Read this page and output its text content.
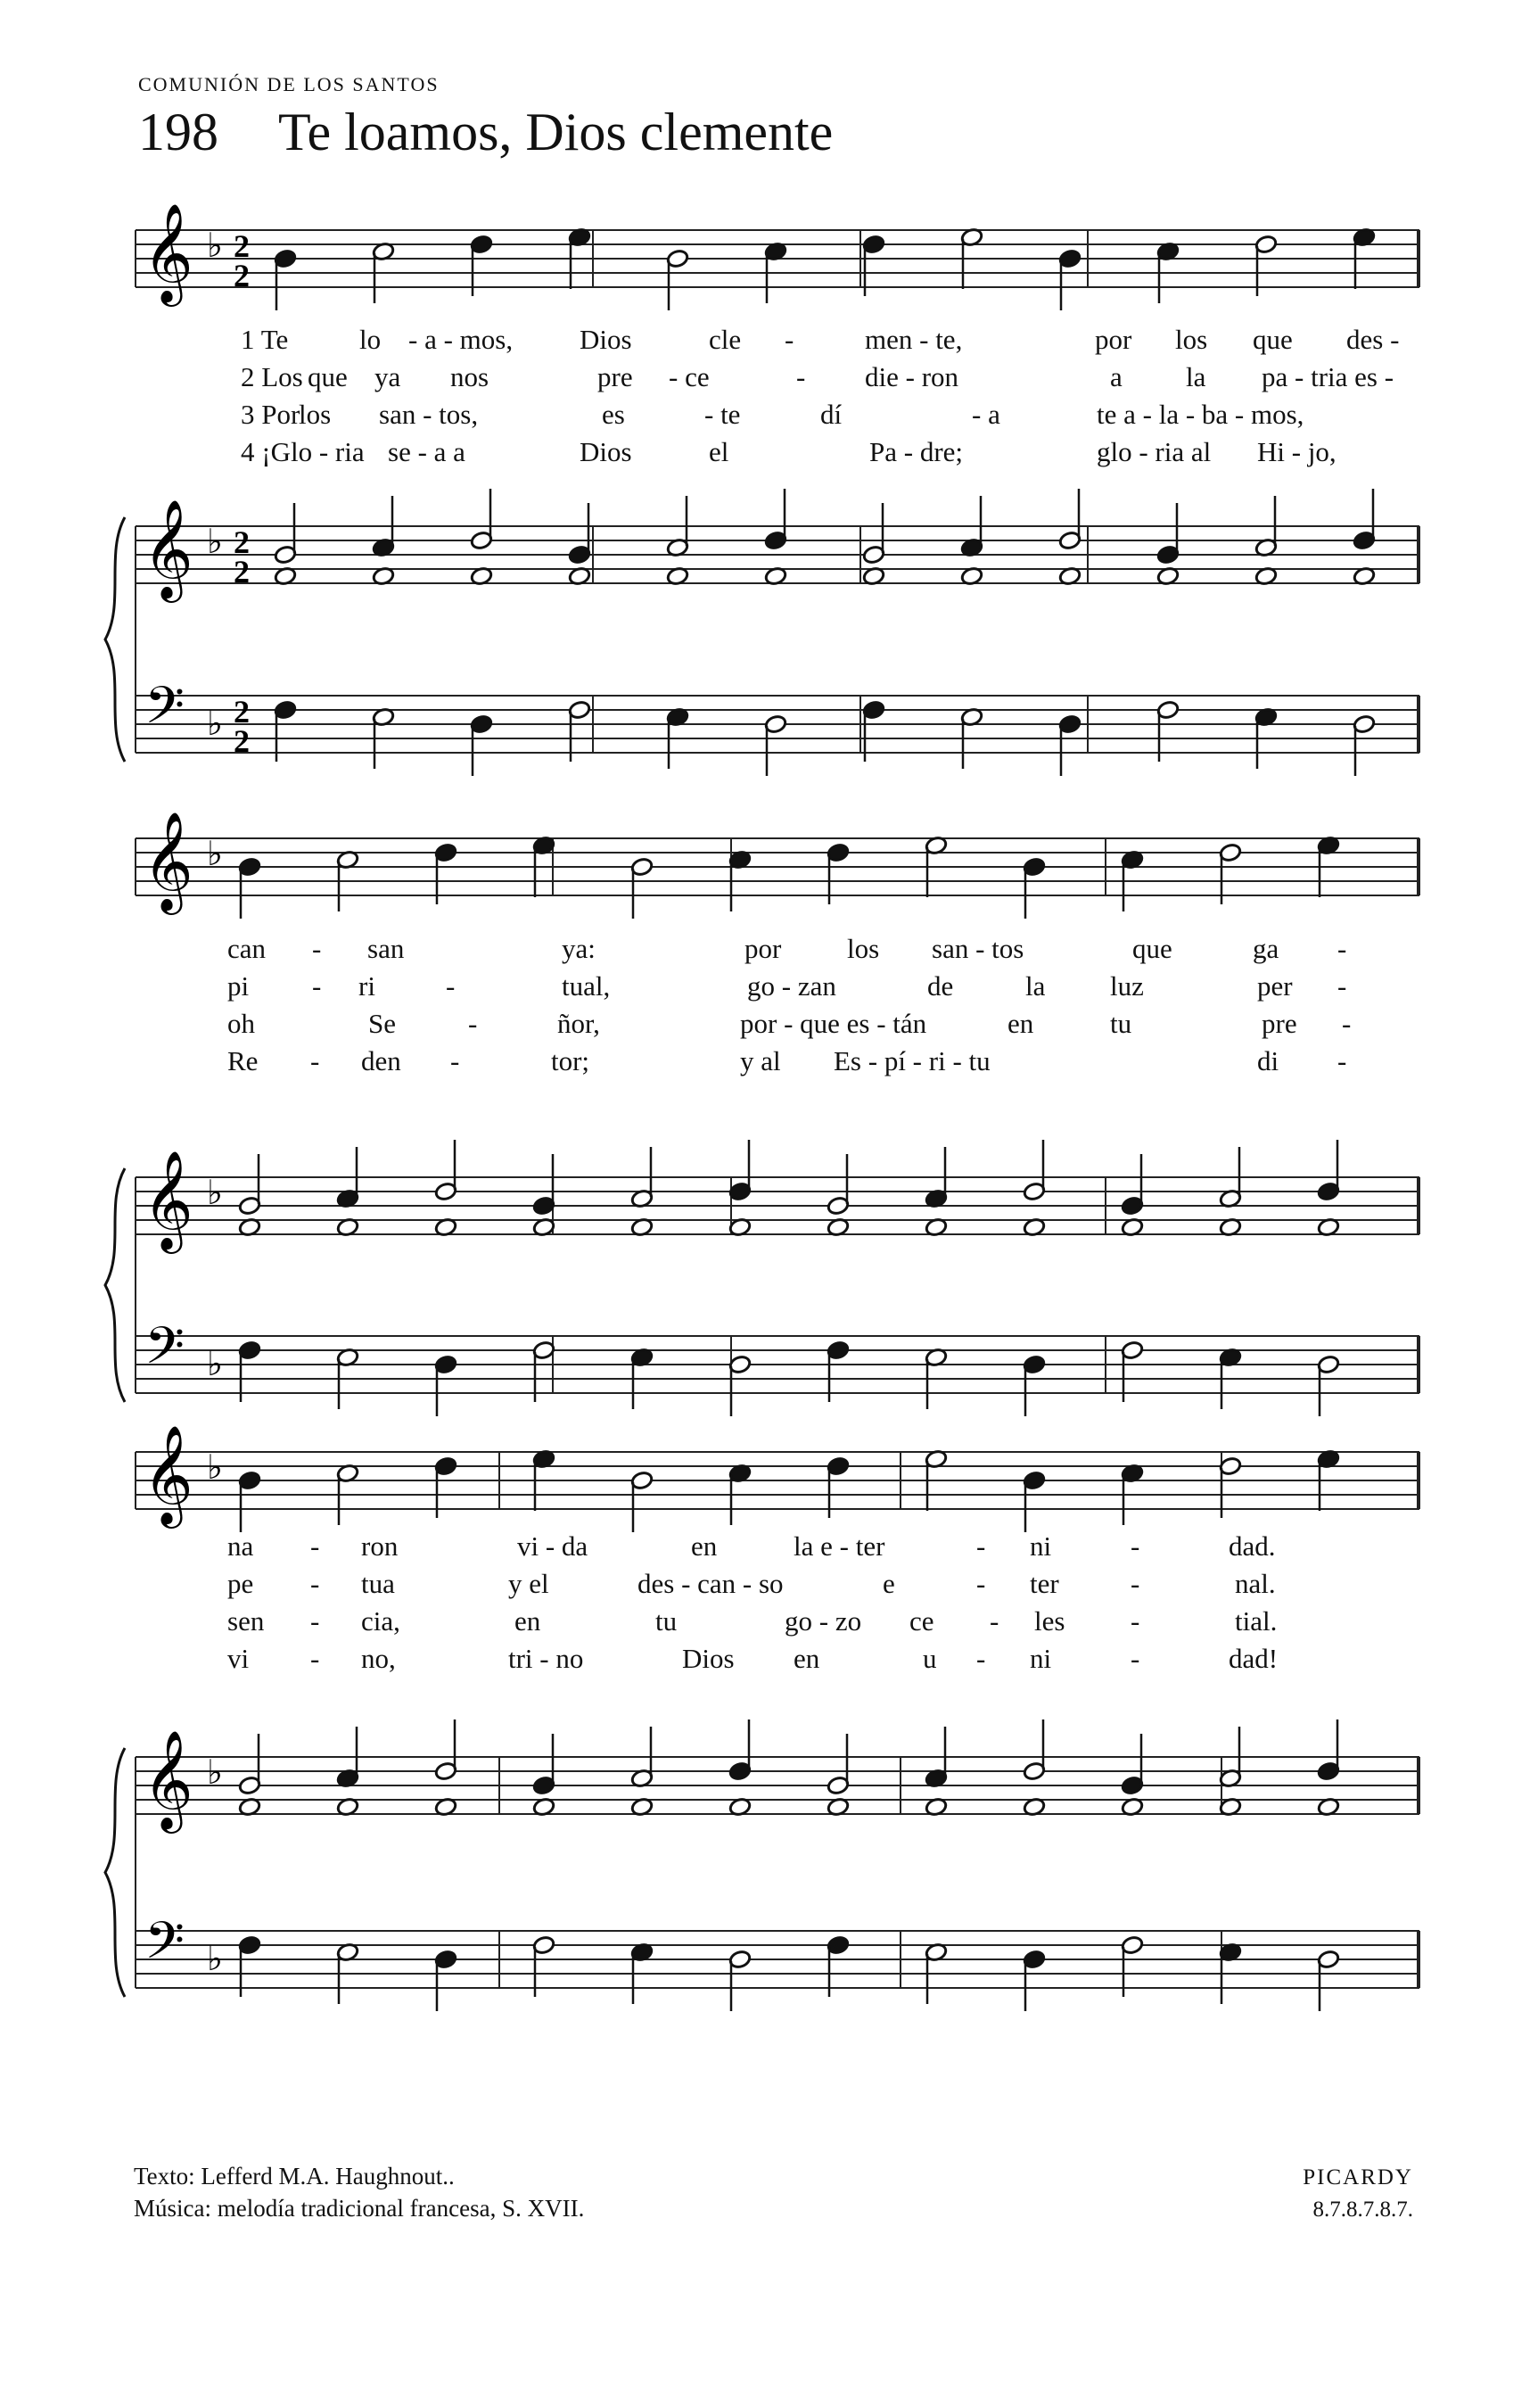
COMUNIÓN DE LOS SANTOS
198 Te loamos, Dios clemente
𝄞 ♭ 2
2
𝄞 ♭ 2
2
𝄢 ♭ 2
2
𝄞 ♭
𝄞 ♭
𝄢 ♭
𝄞 ♭
𝄞 ♭
𝄢 ♭
1 Te	lo - a - mos, Dios	cle -	men - te,	por los que des -
2 Los que ya nos	pre - ce	- die - ron	a la pa - tria es -
3 Por
los san - tos,	es	- te	dí	- a	te a - la - ba - mos,
4 ¡Glo - ria se - a a	Dios	el	Pa - dre;	glo - ria al Hi - jo,
can - san	ya:	por los san - tos	que	ga -
pi - ri	-	tual,	go - zan	de	la luz	per -
oh	Se	-	ñor,	por - que es - tán	en	tu	pre -
Re - den -	tor;	y al Es - pí - ri - tu	di -
na - ron	vi - da	en	la e - ter	- ni	-	dad.
pe - tua	y el	des - can - so	e	- ter	-	nal.
sen - cia,	en	tu	go - zo ce - les -	tial.
vi - no,	tri - no	Dios en	u - ni	-	dad!
Texto: Lefferd M.A. Haughnout..
Música: melodía tradicional francesa, S. XVII.
PICARDY
8.7.8.7.8.7.
